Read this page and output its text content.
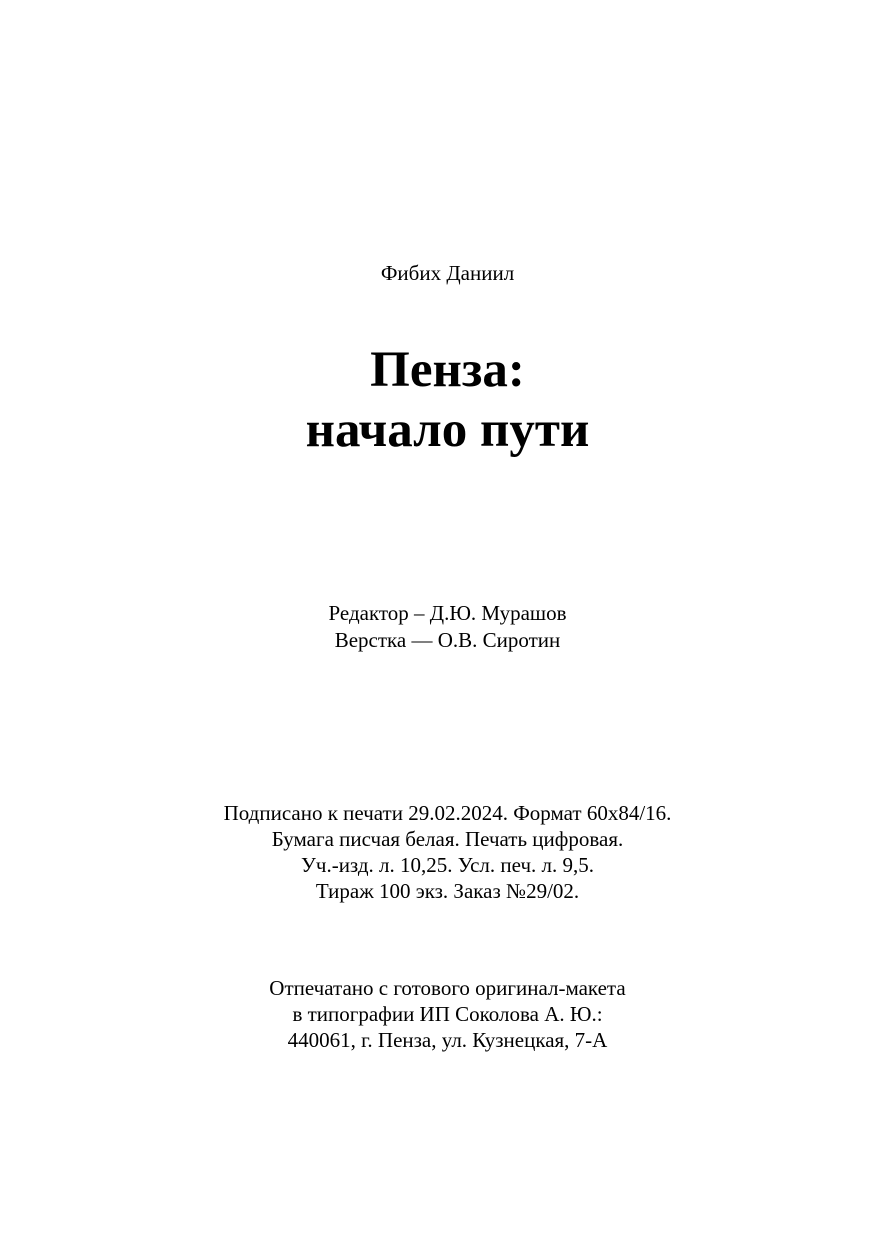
Фибих Даниил
Пенза:
начало пути
Редактор – Д.Ю. Мурашов
Верстка — О.В. Сиротин
Подписано к печати 29.02.2024. Формат 60х84/16.
Бумага писчая белая. Печать цифровая.
Уч.-изд. л. 10,25. Усл. печ. л. 9,5.
Тираж 100 экз. Заказ №29/02.
Отпечатано с готового оригинал-макета
в типографии ИП Соколова А. Ю.:
440061, г. Пенза, ул. Кузнецкая, 7-А
